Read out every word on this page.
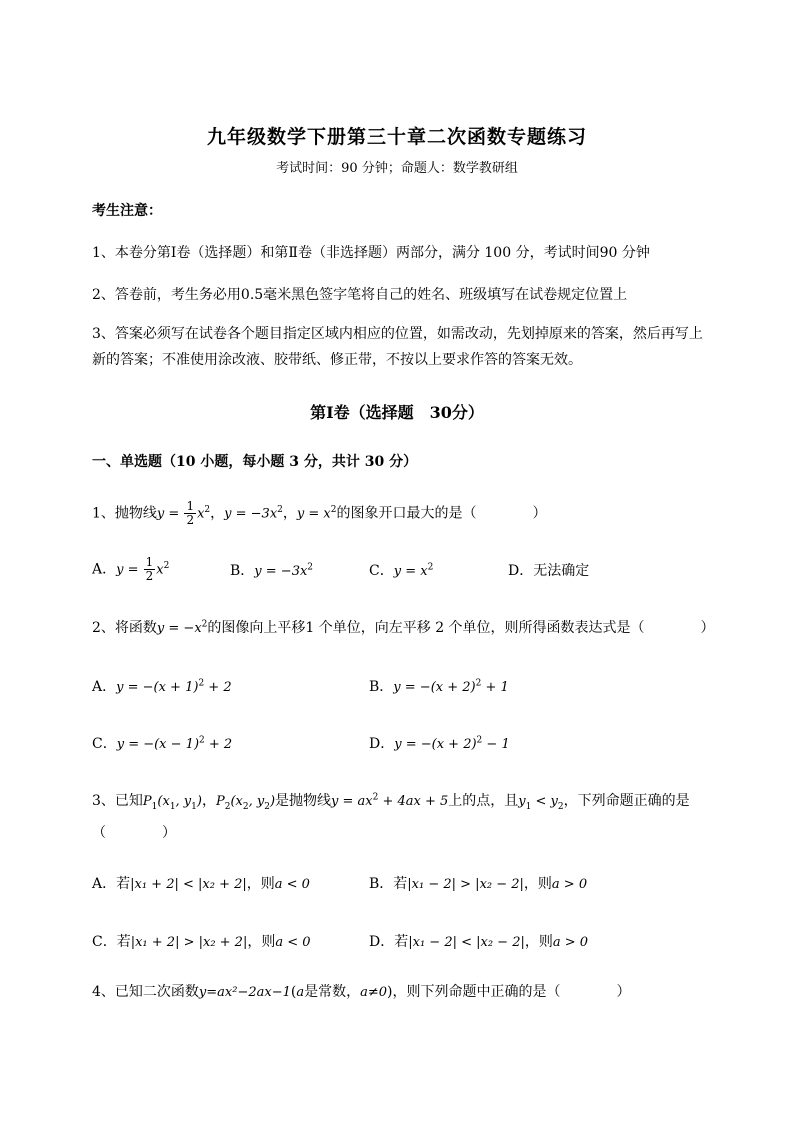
九年级数学下册第三十章二次函数专题练习
考试时间：90 分钟；命题人：数学教研组
考生注意：
1、本卷分第Ⅰ卷（选择题）和第Ⅱ卷（非选择题）两部分，满分 100 分，考试时间90 分钟
2、答卷前，考生务必用0.5毫米黑色签字笔将自己的姓名、班级填写在试卷规定位置上
3、答案必须写在试卷各个题目指定区域内相应的位置，如需改动，先划掉原来的答案，然后再写上新的答案；不准使用涂改液、胶带纸、修正带，不按以上要求作答的答案无效。
第Ⅰ卷（选择题　30分）
一、单选题（10 小题，每小题 3 分，共计 30 分）
1、抛物线$y = \frac{1}{2} x^2$，$y = -3x^2$，$y = x^2$的图象开口最大的是（　　　　）
A．$y = \frac{1}{2} x^2$	B．$y = -3x^2$	C．$y = x^2$	D．无法确定
2、将函数$y = -x^2$的图像向上平移1 个单位，向左平移 2 个单位，则所得函数表达式是（　　　　）
A．$y = -(x + 1)^2 + 2$	B．$y = -(x + 2)^2 + 1$
C．$y = -(x - 1)^2 + 2$	D．$y = -(x + 2)^2 - 1$
3、已知$P_1(x_1$, $y_1$)，$P_2(x_2$, $y_2$)是抛物线$y = ax^2 + 4ax + 5$上的点，且$y_1 < y_2$，下列命题正确的是
（　　　　）
A．若|x₁ + 2| < |x₂ + 2|，则a < 0	B．若|x₁ − 2| > |x₂ − 2|，则a > 0
C．若|x₁ + 2| > |x₂ + 2|，则a < 0	D．若|x₁ − 2| < |x₂ − 2|，则a > 0
4、已知二次函数y=ax²−2ax−1(a是常数，a≠0)，则下列命题中正确的是（　　　　）
